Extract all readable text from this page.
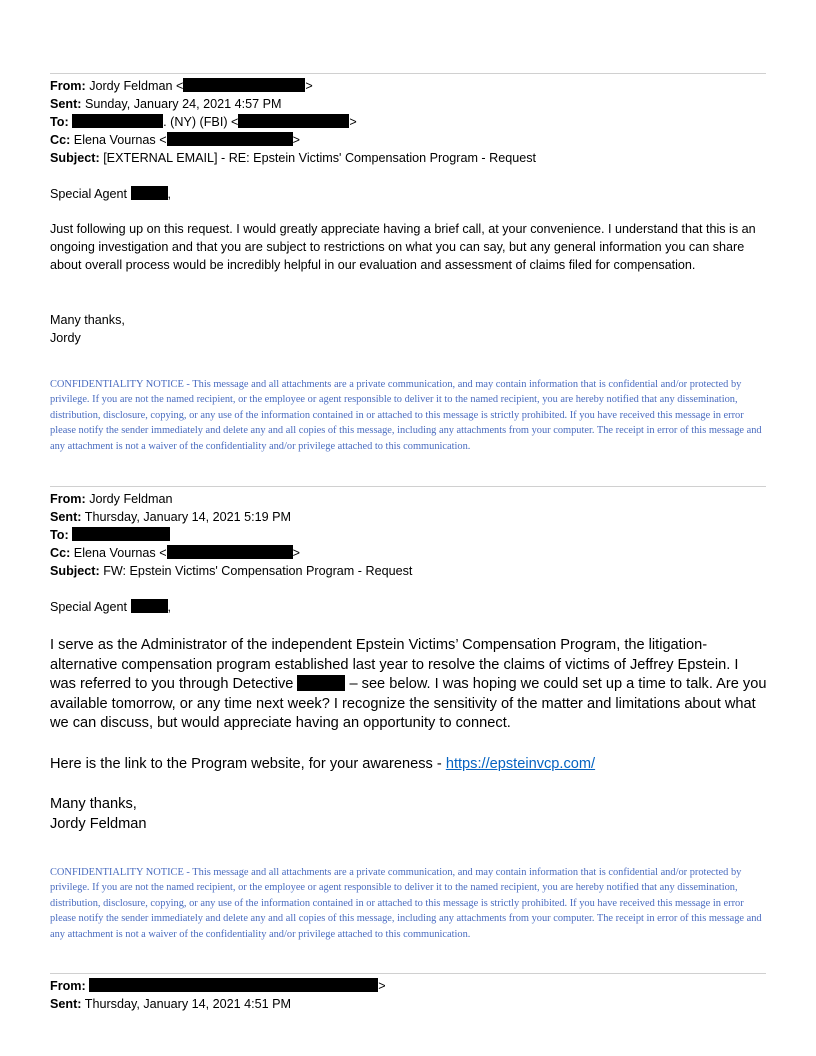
From: Jordy Feldman <	>
Sent: Sunday, January 24, 2021 4:57 PM
To:	. (NY) (FBI) <	>
Cc: Elena Vournas <	>
Subject: [EXTERNAL EMAIL] - RE: Epstein Victims' Compensation Program - Request
Special Agent	,

Just following up on this request. I would greatly appreciate having a brief call, at your convenience. I understand that this is an ongoing investigation and that you are subject to restrictions on what you can say, but any general information you can share about overall process would be incredibly helpful in our evaluation and assessment of claims filed for compensation.

Many thanks,
Jordy

CONFIDENTIALITY NOTICE - This message and all attachments are a private communication, and may contain information that is confidential and/or protected by privilege. If you are not the named recipient, or the employee or agent responsible to deliver it to the named recipient, you are hereby notified that any dissemination, distribution, disclosure, copying, or any use of the information contained in or attached to this message is strictly prohibited. If you have received this message in error please notify the sender immediately and delete any and all copies of this message, including any attachments from your computer. The receipt in error of this message and any attachment is not a waiver of the confidentiality and/or privilege attached to this communication.

From: Jordy Feldman
Sent: Thursday, January 14, 2021 5:19 PM
To:
Cc: Elena Vournas <	>
Subject: FW: Epstein Victims' Compensation Program - Request
Special Agent	,

I serve as the Administrator of the independent Epstein Victims’ Compensation Program, the litigation-alternative compensation program established last year to resolve the claims of victims of Jeffrey Epstein. I was referred to you through Detective	– see below. I was hoping we could set up a time to talk. Are you available tomorrow, or any time next week? I recognize the sensitivity of the matter and limitations about what we can discuss, but would appreciate having an opportunity to connect.

Here is the link to the Program website, for your awareness - https://epsteinvcp.com/

Many thanks,
Jordy Feldman

CONFIDENTIALITY NOTICE - This message and all attachments are a private communication, and may contain information that is confidential and/or protected by privilege. If you are not the named recipient, or the employee or agent responsible to deliver it to the named recipient, you are hereby notified that any dissemination, distribution, disclosure, copying, or any use of the information contained in or attached to this message is strictly prohibited. If you have received this message in error please notify the sender immediately and delete any and all copies of this message, including any attachments from your computer. The receipt in error of this message and any attachment is not a waiver of the confidentiality and/or privilege attached to this communication.

From:	>
Sent: Thursday, January 14, 2021 4:51 PM
